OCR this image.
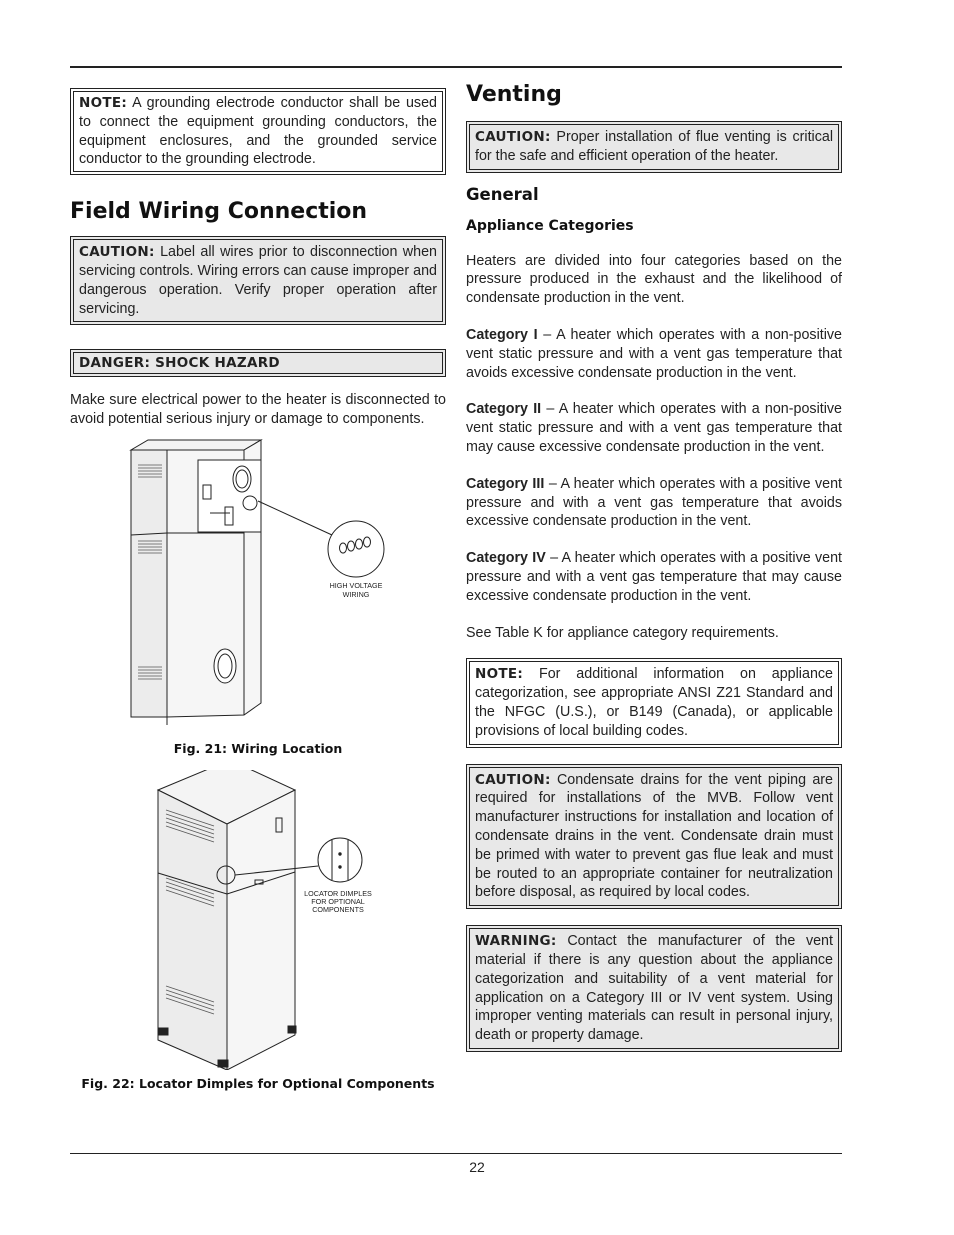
NOTE: A grounding electrode conductor shall be used to connect the equipment grounding conductors, the equipment enclosures, and the grounded service conductor to the grounding electrode.
Field Wiring Connection
CAUTION: Label all wires prior to disconnection when servicing controls. Wiring errors can cause improper and dangerous operation. Verify proper operation after servicing.
DANGER: SHOCK HAZARD

Make sure electrical power to the heater is disconnected to avoid potential serious injury or damage to components.

HIGH VOLTAGE
WIRING
Fig. 21: Wiring Location
LOCATOR DIMPLES
FOR OPTIONAL
COMPONENTS
Fig. 22: Locator Dimples for Optional Components
Venting
CAUTION: Proper installation of flue venting is critical for the safe and efficient operation of the heater.
General
Appliance Categories

Heaters are divided into four categories based on the pressure produced in the exhaust and the likelihood of condensate production in the vent.

Category I – A heater which operates with a non-positive vent static pressure and with a vent gas temperature that avoids excessive condensate production in the vent.

Category II – A heater which operates with a non-positive vent static pressure and with a vent gas temperature that may cause excessive condensate production in the vent.

Category III – A heater which operates with a positive vent pressure and with a vent gas temperature that avoids excessive condensate production in the vent.

Category IV – A heater which operates with a positive vent pressure and with a vent gas temperature that may cause excessive condensate production in the vent.

See Table K for appliance category requirements.

NOTE: For additional information on appliance categorization, see appropriate ANSI Z21 Standard and the NFGC (U.S.), or B149 (Canada), or applicable provisions of local building codes.
CAUTION: Condensate drains for the vent piping are required for installations of the MVB. Follow vent manufacturer instructions for installation and location of condensate drains in the vent. Condensate drain must be primed with water to prevent gas flue leak and must be routed to an appropriate container for neutralization before disposal, as required by local codes.
WARNING: Contact the manufacturer of the vent material if there is any question about the appliance categorization and suitability of a vent material for application on a Category III or IV vent system. Using improper venting materials can result in personal injury, death or property damage.
22
